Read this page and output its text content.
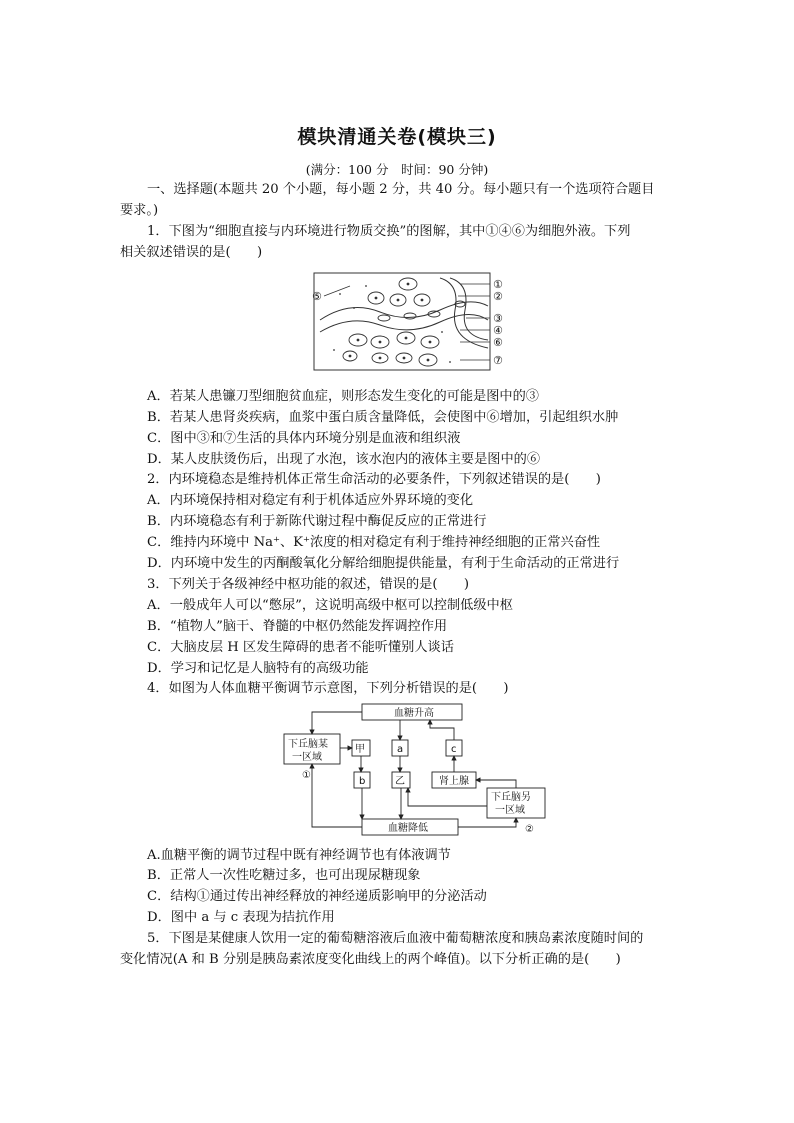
模块清通关卷(模块三)
(满分：100 分　时间：90 分钟)
一、选择题(本题共 20 个小题，每小题 2 分，共 40 分。每小题只有一个选项符合题目
要求。)
1．下图为“细胞直接与内环境进行物质交换”的图解，其中①④⑥为细胞外液。下列
相关叙述错误的是(　　)
⑤
①
②
③
④
⑥
⑦
A．若某人患镰刀型细胞贫血症，则形态发生变化的可能是图中的③
B．若某人患肾炎疾病，血浆中蛋白质含量降低，会使图中⑥增加，引起组织水肿
C．图中③和⑦生活的具体内环境分别是血液和组织液
D．某人皮肤烫伤后，出现了水泡，该水泡内的液体主要是图中的⑥
2．内环境稳态是维持机体正常生命活动的必要条件，下列叙述错误的是(　　)
A．内环境保持相对稳定有利于机体适应外界环境的变化
B．内环境稳态有利于新陈代谢过程中酶促反应的正常进行
C．维持内环境中 Na⁺、K⁺浓度的相对稳定有利于维持神经细胞的正常兴奋性
D．内环境中发生的丙酮酸氧化分解给细胞提供能量，有利于生命活动的正常进行
3．下列关于各级神经中枢功能的叙述，错误的是(　　)
A．一般成年人可以“憋尿”，这说明高级中枢可以控制低级中枢
B．“植物人”脑干、脊髓的中枢仍然能发挥调控作用
C．大脑皮层 H 区发生障碍的患者不能听懂别人谈话
D．学习和记忆是人脑特有的高级功能
4．如图为人体血糖平衡调节示意图，下列分析错误的是(　　)
血糖升高
血糖降低
下丘脑某
一区域
①
甲	a	c
b	乙	肾上腺
下丘脑另
一区域
②
A.血糖平衡的调节过程中既有神经调节也有体液调节
B．正常人一次性吃糖过多，也可出现尿糖现象
C．结构①通过传出神经释放的神经递质影响甲的分泌活动
D．图中 a 与 c 表现为拮抗作用
5．下图是某健康人饮用一定的葡萄糖溶液后血液中葡萄糖浓度和胰岛素浓度随时间的
变化情况(A 和 B 分别是胰岛素浓度变化曲线上的两个峰值)。以下分析正确的是(　　)
